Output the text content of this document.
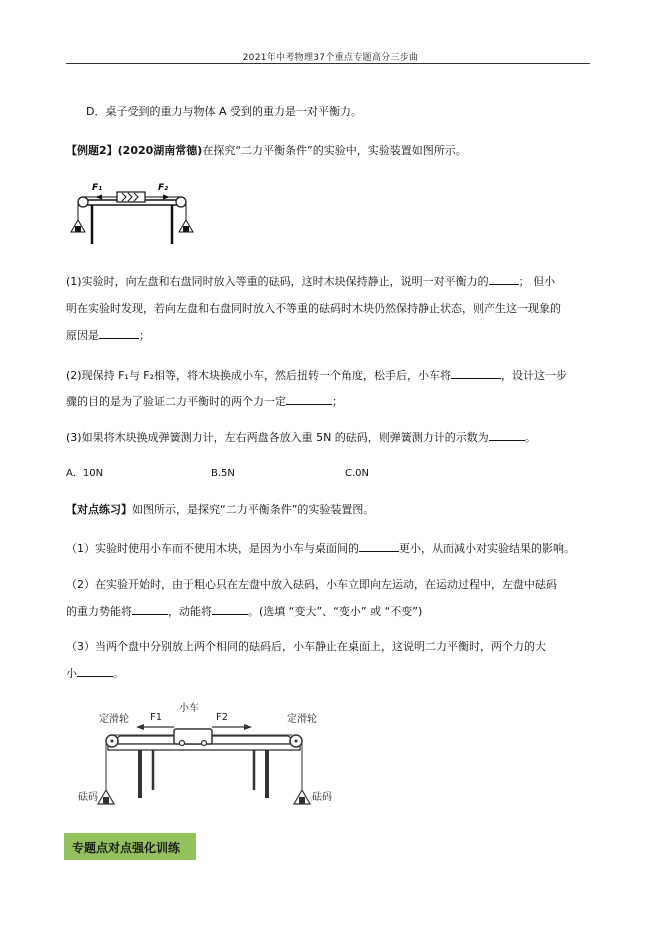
2021年中考物理37个重点专题高分三步曲
D．桌子受到的重力与物体 A 受到的重力是一对平衡力。
【例题2】(2020湖南常德)在探究“二力平衡条件”的实验中，实验装置如图所示。
F₁	F₂
(1)实验时，向左盘和右盘同时放入等重的砝码，这时木块保持静止，说明一对平衡力的	； 但小
明在实验时发现，若向左盘和右盘同时放入不等重的砝码时木块仍然保持静止状态，则产生这一现象的
原因是	；
(2)现保持 F₁与 F₂相等，将木块换成小车，然后扭转一个角度，松手后，小车将	，设计这一步
骤的目的是为了验证二力平衡时的两个力一定	；
(3)如果将木块换成弹簧测力计，左右两盘各放入重 5N 的砝码，则弹簧测力计的示数为	。
A．10N	B.5N	C.0N
【对点练习】如图所示，是探究“二力平衡条件”的实验装置图。
（1）实验时使用小车而不使用木块，是因为小车与桌面间的	更小，从而减小对实验结果的影响。
（2）在实验开始时，由于粗心只在左盘中放入砝码，小车立即向左运动，在运动过程中，左盘中砝码
的重力势能将	，动能将	。(选填 “变大”、“变小” 或 “不变”)
（3）当两个盘中分别放上两个相同的砝码后，小车静止在桌面上，这说明二力平衡时，两个力的大
小	。
小车
F1	F2
定滑轮	定滑轮
砝码	砝码
专题点对点强化训练
